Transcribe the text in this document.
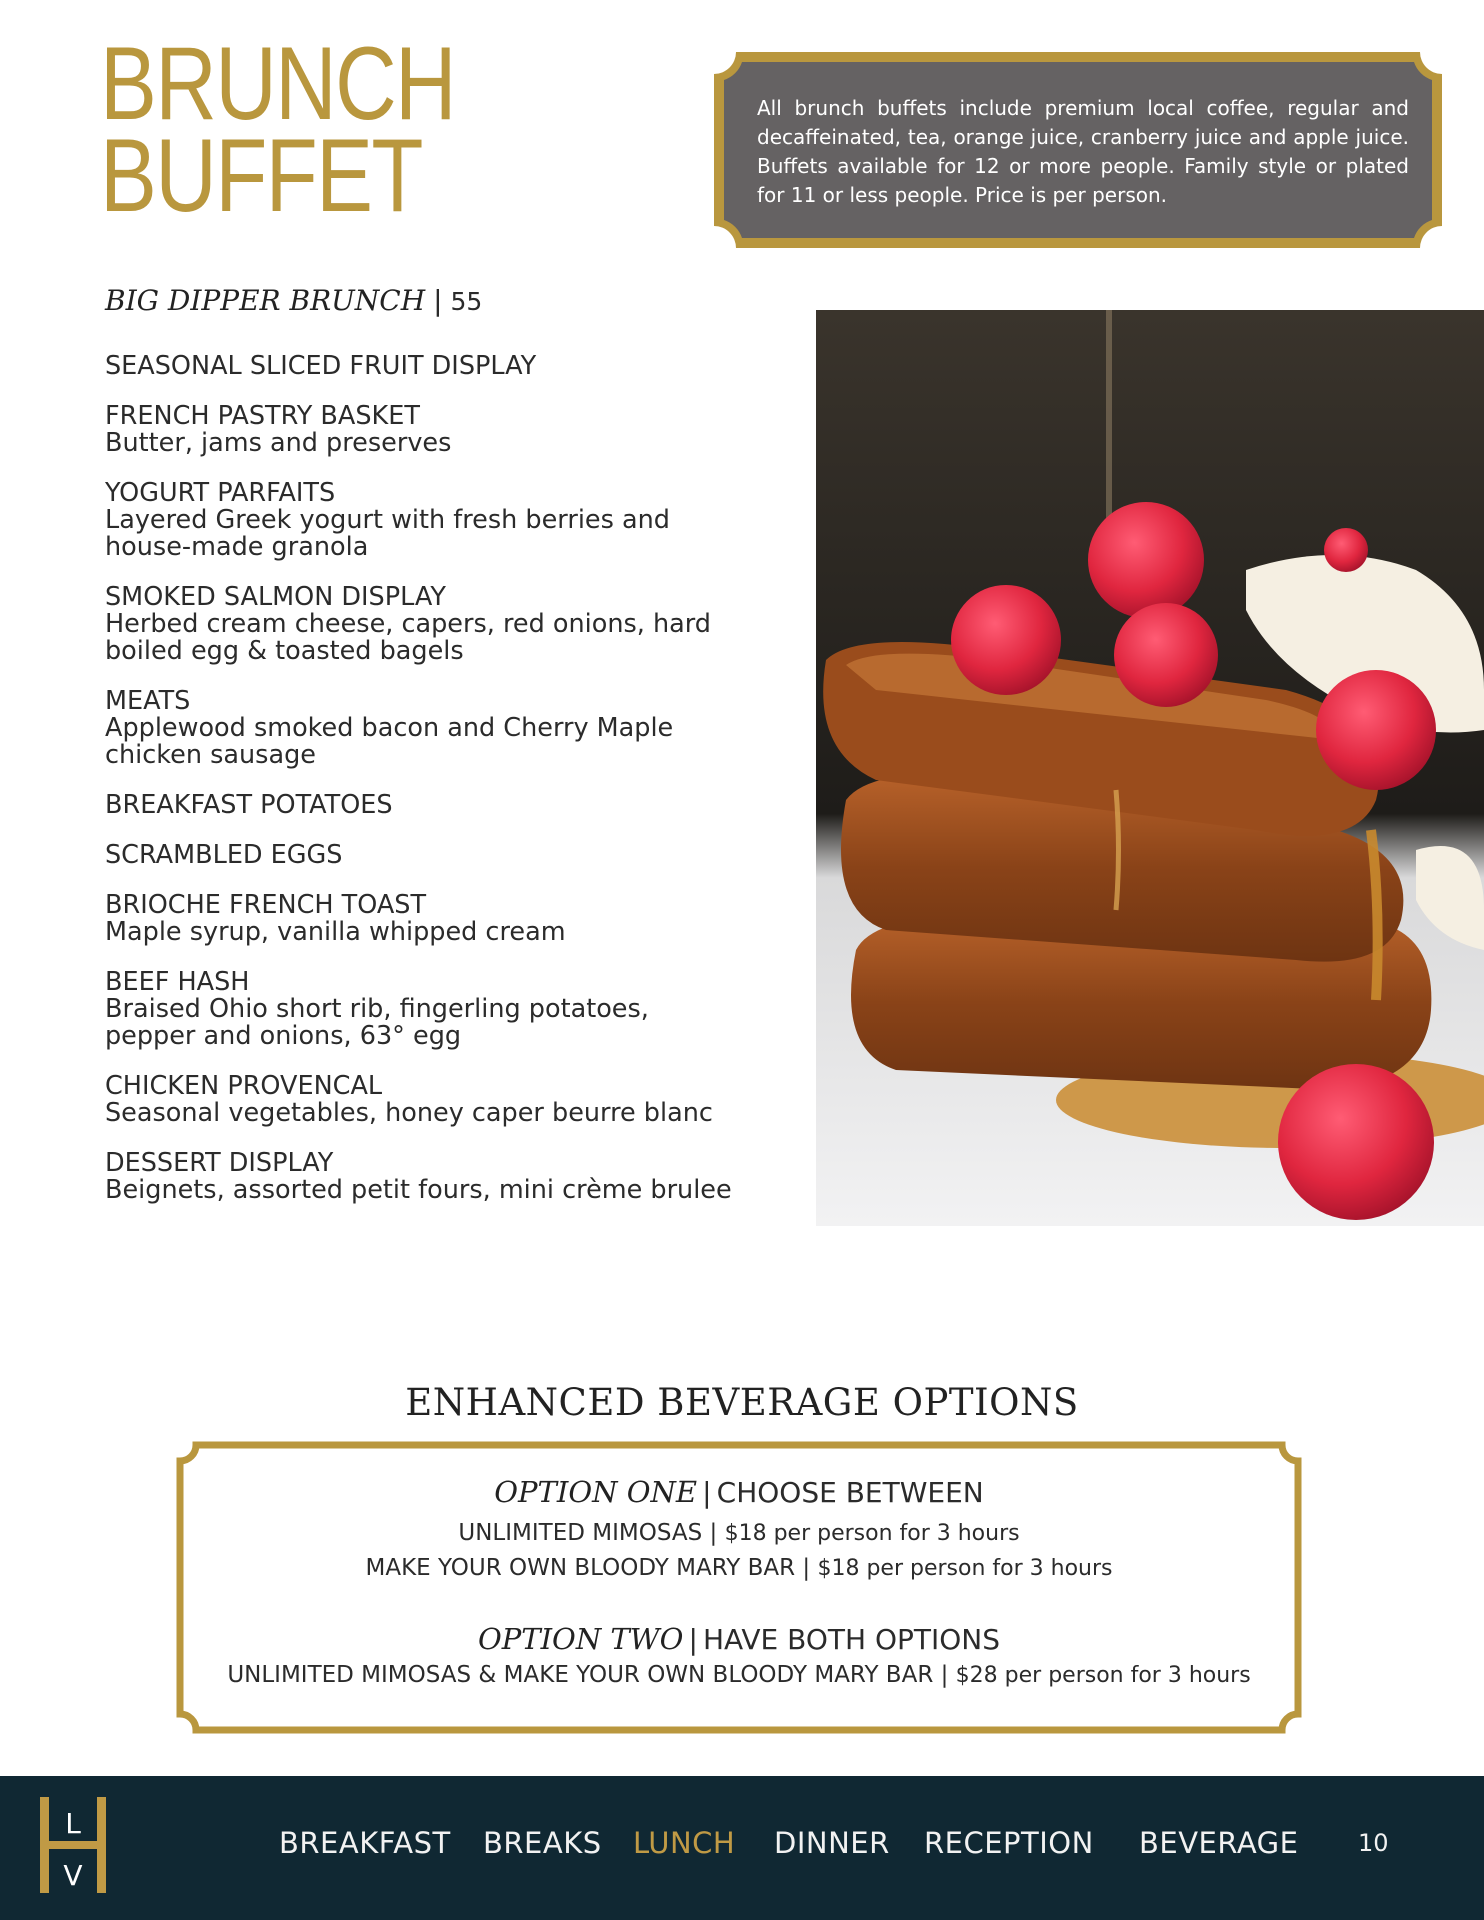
BRUNCH
BUFFET
All brunch buffets include premium local coffee, regular and decaffeinated, tea, orange juice, cranberry juice and apple juice. Buffets available for 12 or more people. Family style or plated for 11 or less people. Price is per person.
BIG DIPPER BRUNCH | 55
SEASONAL SLICED FRUIT DISPLAY
FRENCH PASTRY BASKET
Butter, jams and preserves
YOGURT PARFAITS
Layered Greek yogurt with fresh berries and house-made granola
SMOKED SALMON DISPLAY
Herbed cream cheese, capers, red onions, hard boiled egg & toasted bagels
MEATS
Applewood smoked bacon and Cherry Maple chicken sausage
BREAKFAST POTATOES
SCRAMBLED EGGS
BRIOCHE FRENCH TOAST
Maple syrup, vanilla whipped cream
BEEF HASH
Braised Ohio short rib, fingerling potatoes, pepper and onions, 63° egg
CHICKEN PROVENCAL
Seasonal vegetables, honey caper beurre blanc
DESSERT DISPLAY
Beignets, assorted petit fours, mini crème brulee
ENHANCED BEVERAGE OPTIONS
OPTION ONE | CHOOSE BETWEEN
UNLIMITED MIMOSAS | $18 per person for 3 hours
MAKE YOUR OWN BLOODY MARY BAR | $18 per person for 3 hours
OPTION TWO | HAVE BOTH OPTIONS
UNLIMITED MIMOSAS & MAKE YOUR OWN BLOODY MARY BAR | $28 per person for 3 hours
L
V
BREAKFAST BREAKS LUNCH DINNER RECEPTION BEVERAGE 10
